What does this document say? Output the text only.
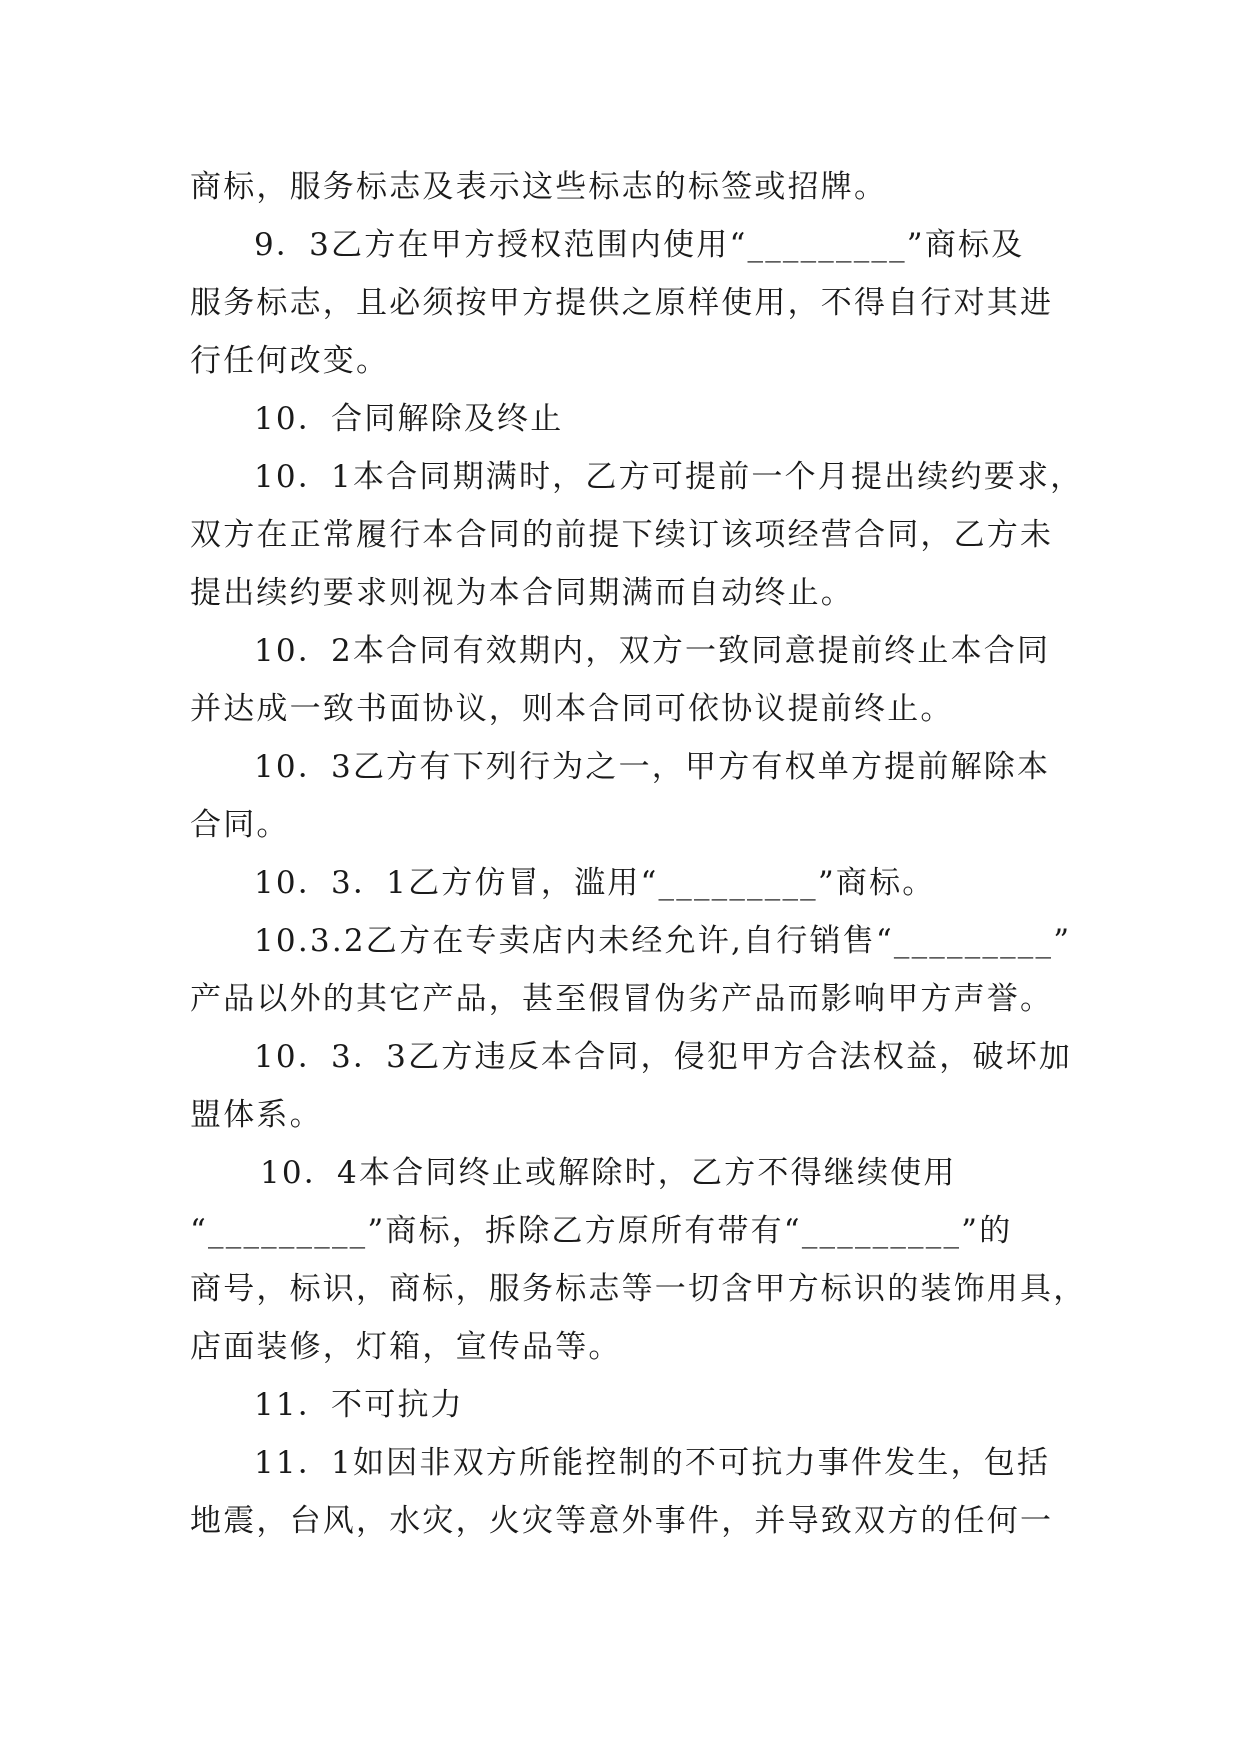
商标，服务标志及表示这些标志的标签或招牌。
9．3乙方在甲方授权范围内使用“_________”商标及
服务标志，且必须按甲方提供之原样使用，不得自行对其进
行任何改变。
10．合同解除及终止
10．1本合同期满时，乙方可提前一个月提出续约要求，
双方在正常履行本合同的前提下续订该项经营合同，乙方未
提出续约要求则视为本合同期满而自动终止。
10．2本合同有效期内，双方一致同意提前终止本合同
并达成一致书面协议，则本合同可依协议提前终止。
10．3乙方有下列行为之一，甲方有权单方提前解除本
合同。
10．3．1乙方仿冒，滥用“_________”商标。
10.3.2乙方在专卖店内未经允许,自行销售“_________”
产品以外的其它产品，甚至假冒伪劣产品而影响甲方声誉。
10．3．3乙方违反本合同，侵犯甲方合法权益，破坏加
盟体系。
10．4本合同终止或解除时，乙方不得继续使用
“_________”商标，拆除乙方原所有带有“_________”的
商号，标识，商标，服务标志等一切含甲方标识的装饰用具，
店面装修，灯箱，宣传品等。
11．不可抗力
11．1如因非双方所能控制的不可抗力事件发生，包括
地震，台风，水灾，火灾等意外事件，并导致双方的任何一
